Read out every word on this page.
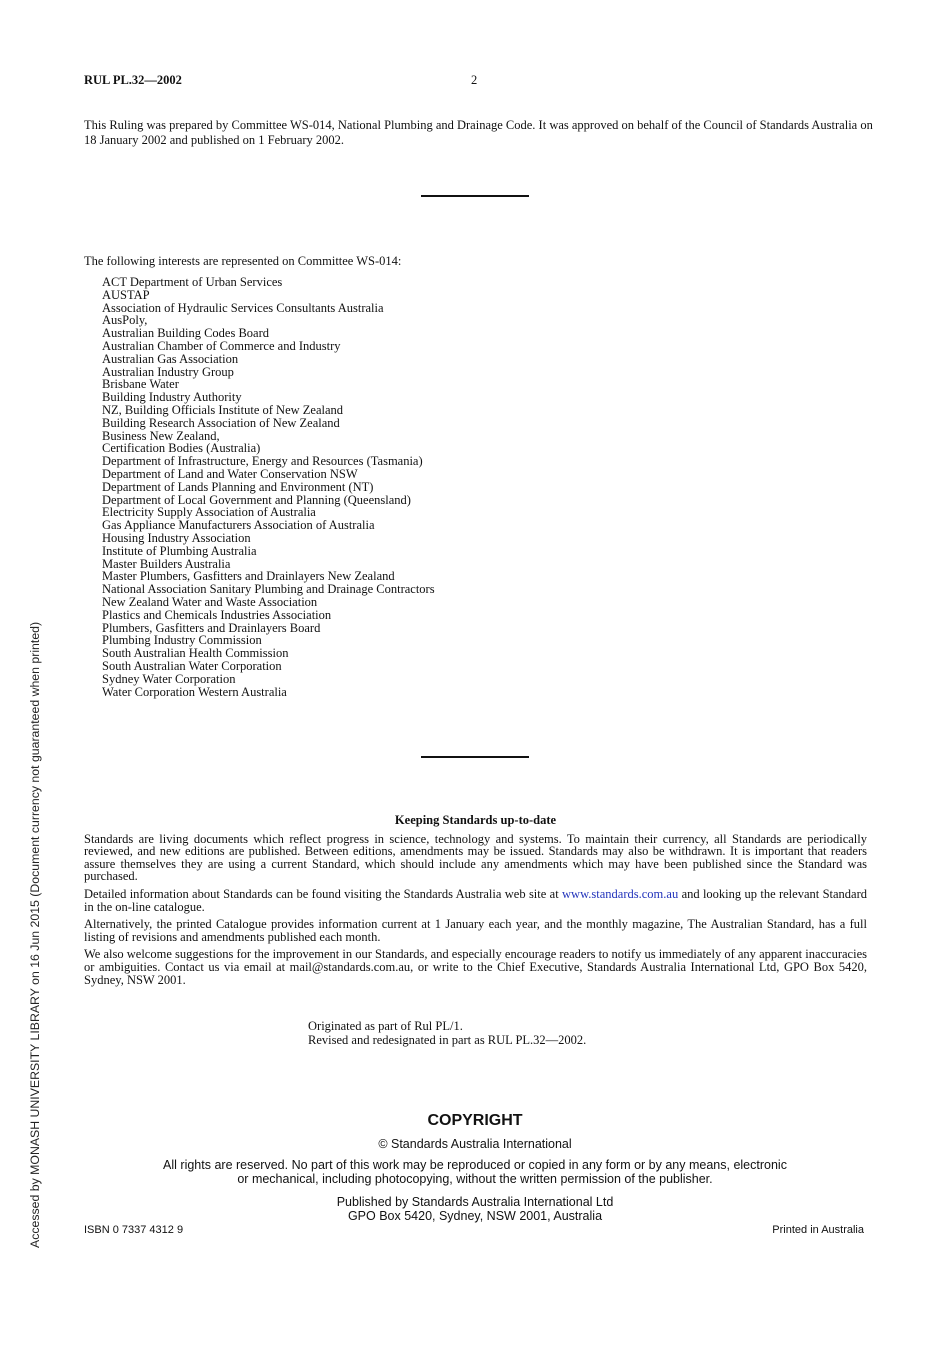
RUL PL.32—2002	2
This Ruling was prepared by Committee WS-014, National Plumbing and Drainage Code. It was approved on behalf of the Council of Standards Australia on 18 January 2002 and published on 1 February 2002.
The following interests are represented on Committee WS-014:
ACT Department of Urban Services
AUSTAP
Association of Hydraulic Services Consultants Australia
AusPoly,
Australian Building Codes Board
Australian Chamber of Commerce and Industry
Australian Gas Association
Australian Industry Group
Brisbane Water
Building Industry Authority
NZ, Building Officials Institute of New Zealand
Building Research Association of New Zealand
Business New Zealand,
Certification Bodies (Australia)
Department of Infrastructure, Energy and Resources (Tasmania)
Department of Land and Water Conservation NSW
Department of Lands Planning and Environment (NT)
Department of Local Government and Planning (Queensland)
Electricity Supply Association of Australia
Gas Appliance Manufacturers Association of Australia
Housing Industry Association
Institute of Plumbing Australia
Master Builders Australia
Master Plumbers, Gasfitters and Drainlayers New Zealand
National Association Sanitary Plumbing and Drainage Contractors
New Zealand Water and Waste Association
Plastics and Chemicals Industries Association
Plumbers, Gasfitters and Drainlayers Board
Plumbing Industry Commission
South Australian Health Commission
South Australian Water Corporation
Sydney Water Corporation
Water Corporation Western Australia
Keeping Standards up-to-date

Standards are living documents which reflect progress in science, technology and systems. To maintain their currency, all Standards are periodically reviewed, and new editions are published. Between editions, amendments may be issued. Standards may also be withdrawn. It is important that readers assure themselves they are using a current Standard, which should include any amendments which may have been published since the Standard was purchased.

Detailed information about Standards can be found visiting the Standards Australia web site at www.standards.com.au and looking up the relevant Standard in the on-line catalogue.

Alternatively, the printed Catalogue provides information current at 1 January each year, and the monthly magazine, The Australian Standard, has a full listing of revisions and amendments published each month.

We also welcome suggestions for the improvement in our Standards, and especially encourage readers to notify us immediately of any apparent inaccuracies or ambiguities. Contact us via email at mail@standards.com.au, or write to the Chief Executive, Standards Australia International Ltd, GPO Box 5420, Sydney, NSW 2001.

Originated as part of Rul PL/1.
Revised and redesignated in part as RUL PL.32—2002.
COPYRIGHT
© Standards Australia International
All rights are reserved. No part of this work may be reproduced or copied in any form or by any means, electronic
or mechanical, including photocopying, without the written permission of the publisher.
Published by Standards Australia International Ltd
GPO Box 5420, Sydney, NSW 2001, Australia
ISBN 0 7337 4312 9	Printed in Australia
Accessed by MONASH UNIVERSITY LIBRARY on 16 Jun 2015 (Document currency not guaranteed when printed)
